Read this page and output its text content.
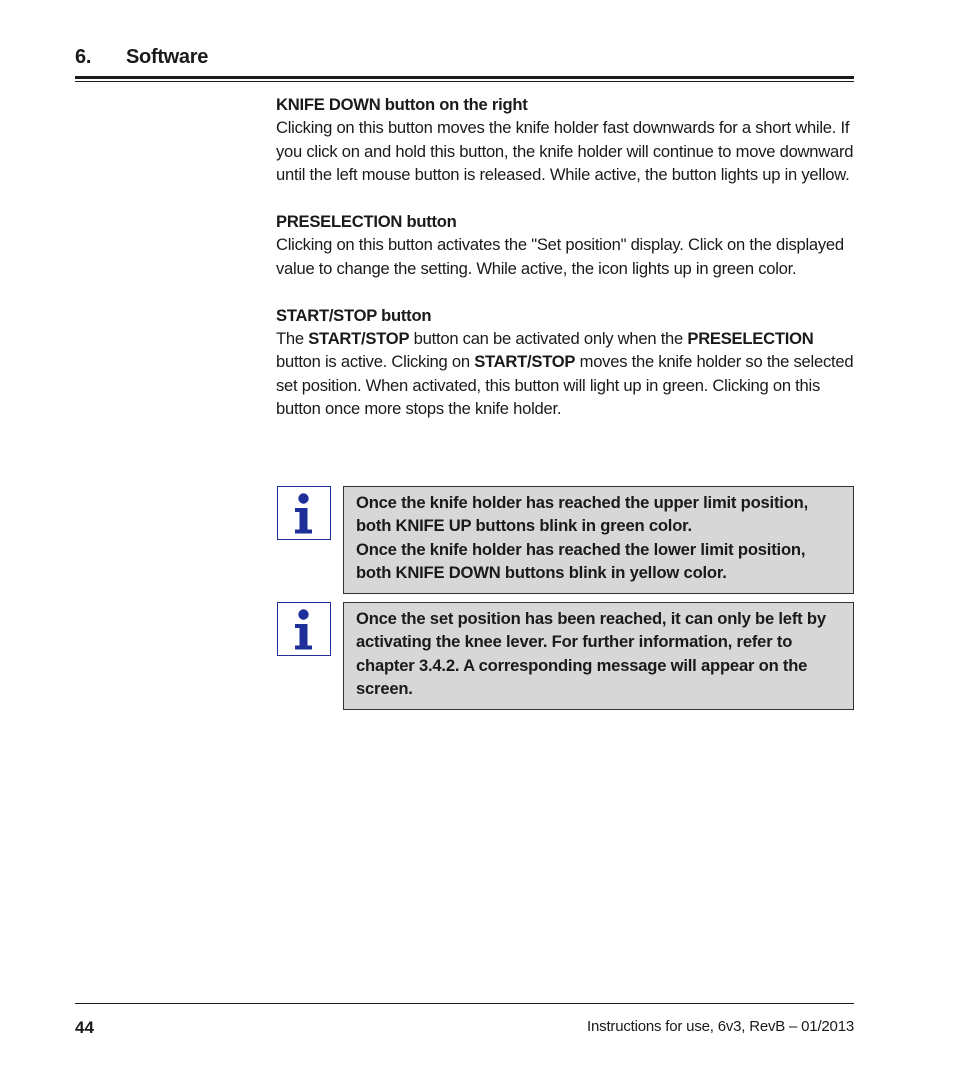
6. Software
KNIFE DOWN button on the right

Clicking on this button moves the knife holder fast downwards for a short while. If you click on and hold this button, the knife holder will continue to move downward until the left mouse button is released. While active, the button lights up in yellow.

PRESELECTION button

Clicking on this button activates the "Set position" display. Click on the displayed value to change the setting. While active, the icon lights up in green color.

START/STOP button

The START/STOP button can be activated only when the PRESELECTION button is active. Clicking on START/STOP moves the knife holder so the selected set position. When activated, this button will light up in green. Clicking on this button once more stops the knife holder.

Once the knife holder has reached the upper limit position, both KNIFE UP buttons blink in green color.

Once the knife holder has reached the lower limit position, both KNIFE DOWN buttons blink in yellow color.

Once the set position has been reached, it can only be left by activating the knee lever. For further information, refer to chapter 3.4.2. A corresponding message will appear on the screen.

44	Instructions for use, 6v3, RevB – 01/2013
